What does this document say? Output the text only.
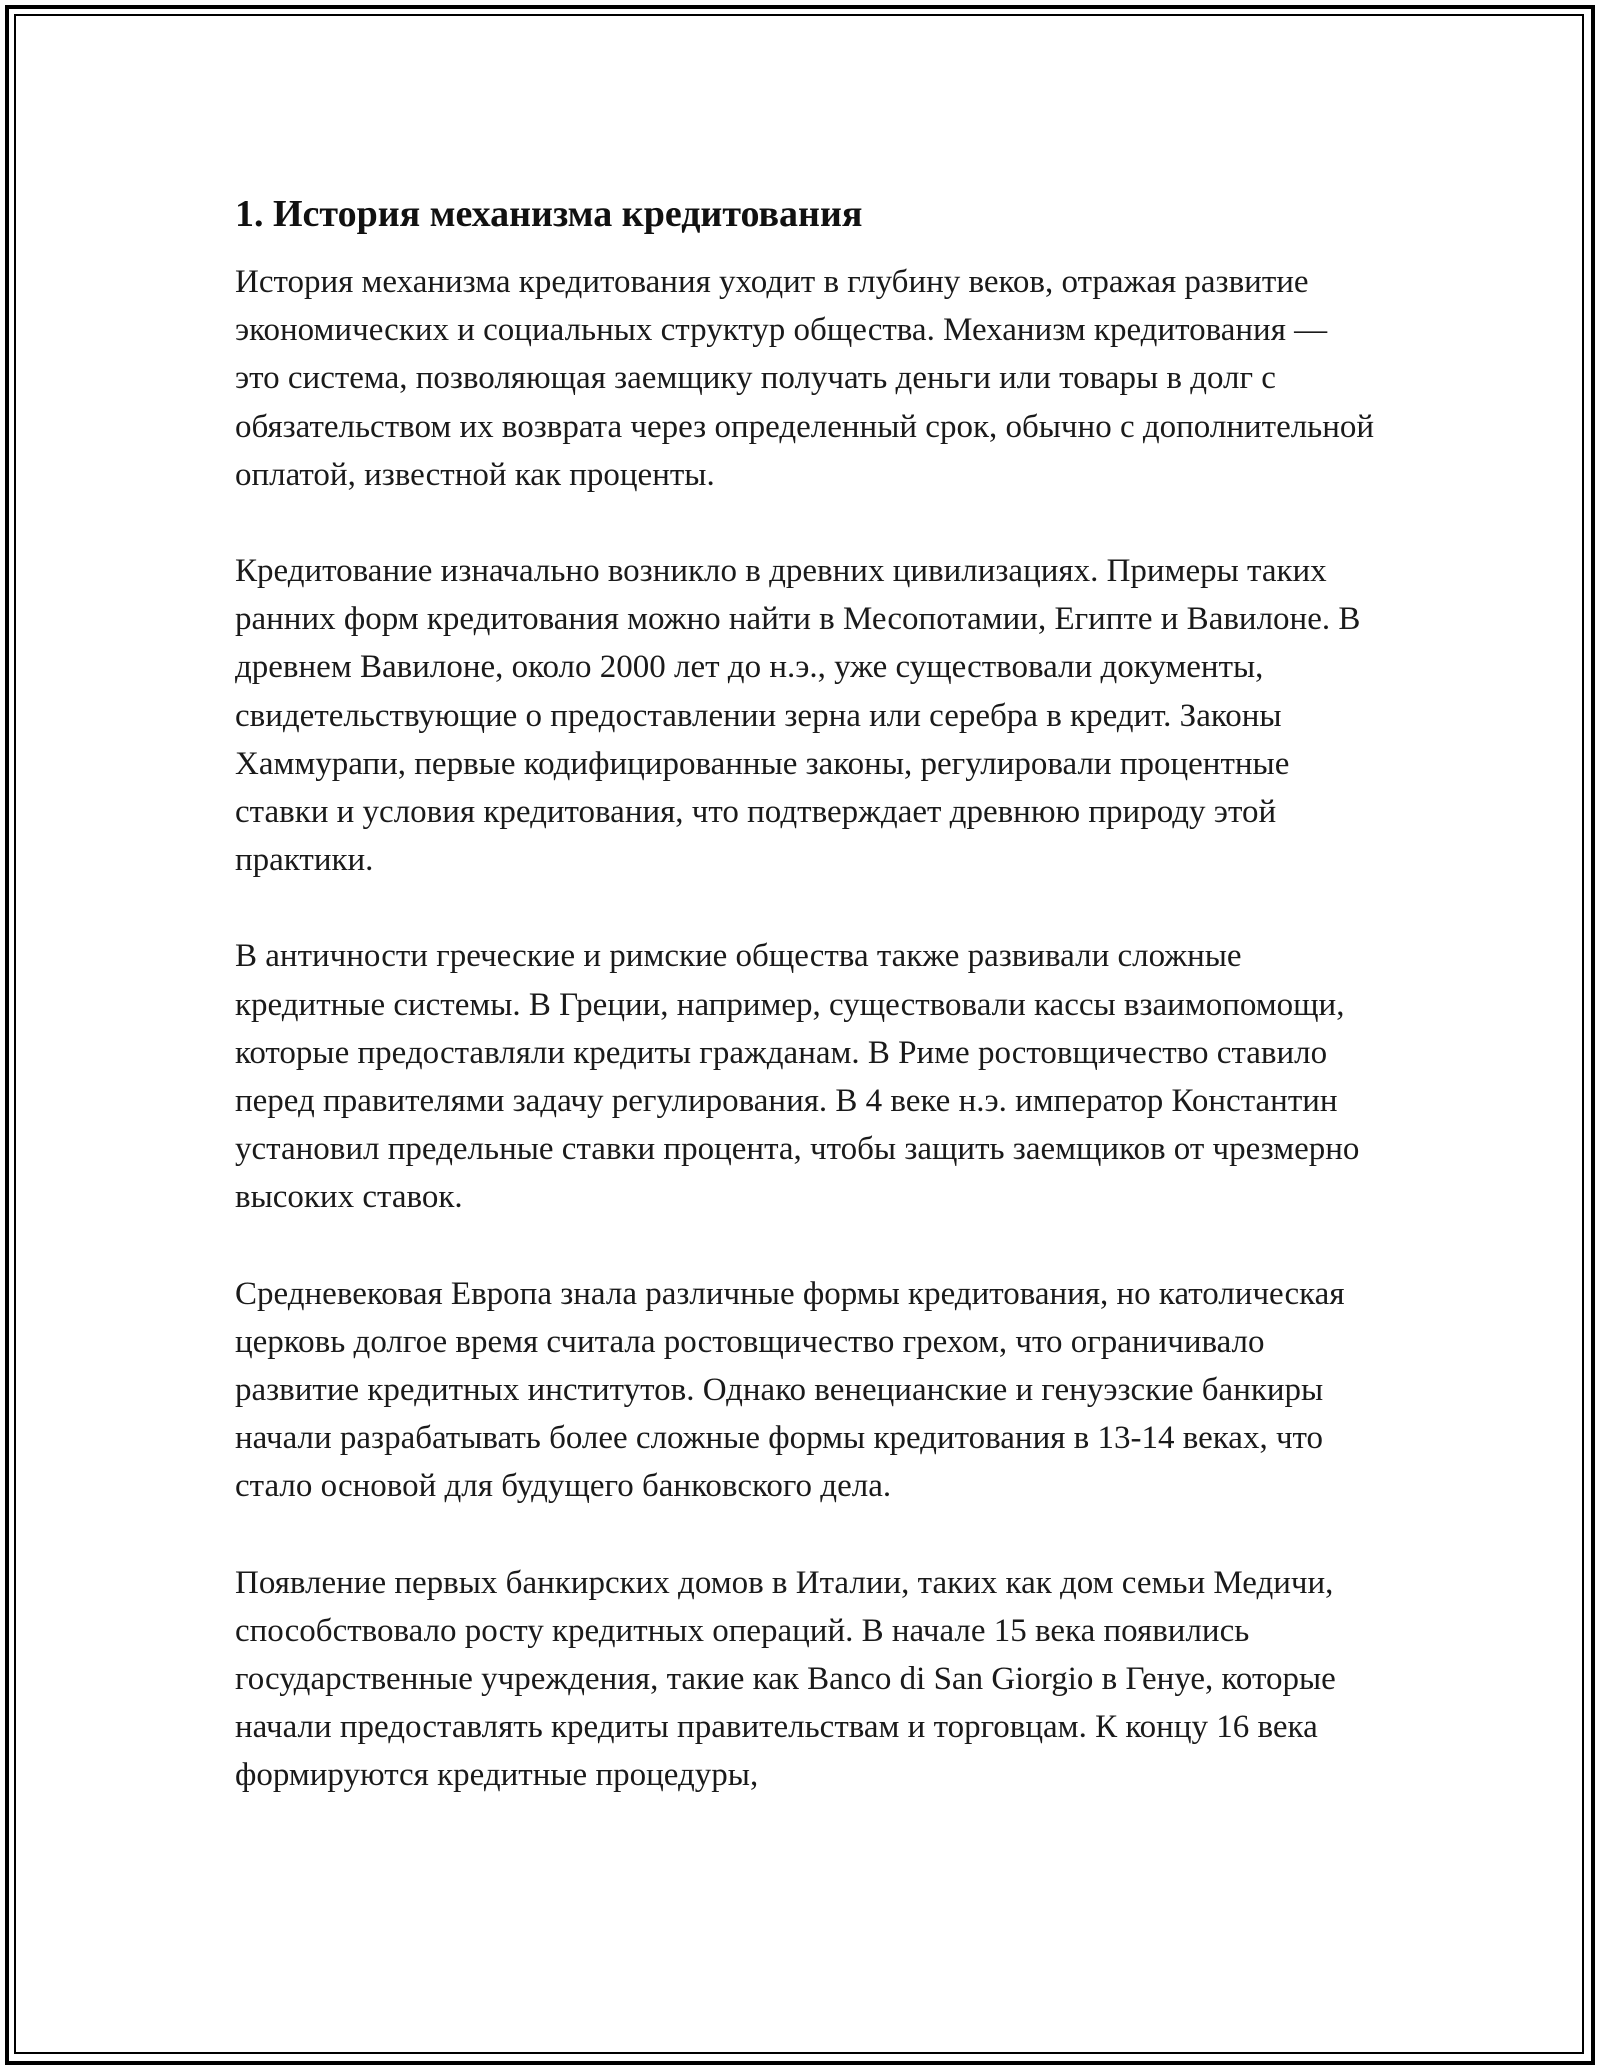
1. История механизма кредитования

История механизма кредитования уходит в глубину веков, отражая развитие экономических и социальных структур общества. Механизм кредитования — это система, позволяющая заемщику получать деньги или товары в долг с обязательством их возврата через определенный срок, обычно с дополнительной оплатой, известной как проценты.

Кредитование изначально возникло в древних цивилизациях. Примеры таких ранних форм кредитования можно найти в Месопотамии, Египте и Вавилоне. В древнем Вавилоне, около 2000 лет до н.э., уже существовали документы, свидетельствующие о предоставлении зерна или серебра в кредит. Законы Хаммурапи, первые кодифицированные законы, регулировали процентные ставки и условия кредитования, что подтверждает древнюю природу этой практики.

В античности греческие и римские общества также развивали сложные кредитные системы. В Греции, например, существовали кассы взаимопомощи, которые предоставляли кредиты гражданам. В Риме ростовщичество ставило перед правителями задачу регулирования. В 4 веке н.э. император Константин установил предельные ставки процента, чтобы защить заемщиков от чрезмерно высоких ставок.

Средневековая Европа знала различные формы кредитования, но католическая церковь долгое время считала ростовщичество грехом, что ограничивало развитие кредитных институтов. Однако венецианские и генуэзские банкиры начали разрабатывать более сложные формы кредитования в 13-14 веках, что стало основой для будущего банковского дела.

Появление первых банкирских домов в Италии, таких как дом семьи Медичи, способствовало росту кредитных операций. В начале 15 века появились государственные учреждения, такие как Banco di San Giorgio в Генуе, которые начали предоставлять кредиты правительствам и торговцам. К концу 16 века формируются кредитные процедуры,
